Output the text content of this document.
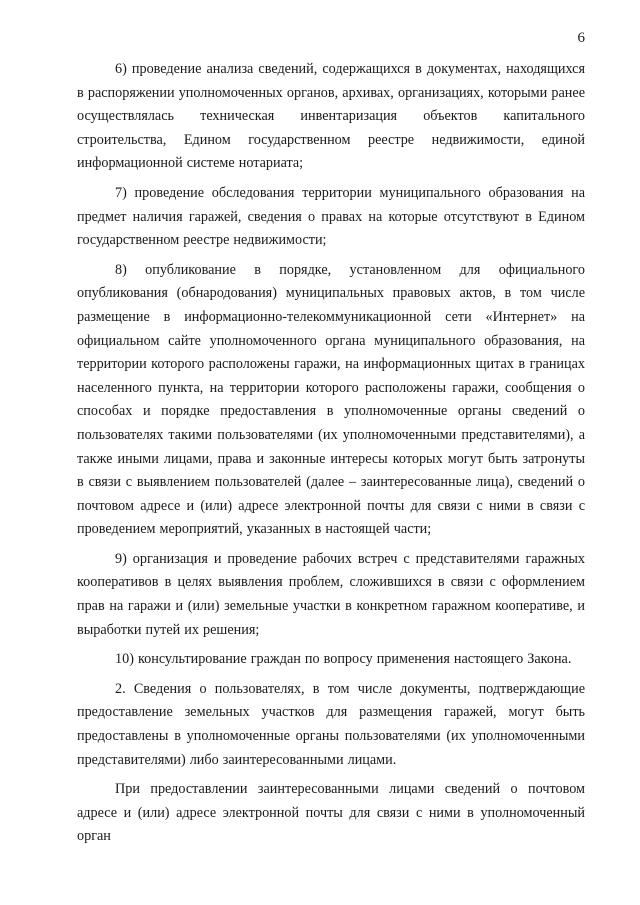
6

6) проведение анализа сведений, содержащихся в документах, находящихся в распоряжении уполномоченных органов, архивах, организациях, которыми ранее осуществлялась техническая инвентаризация объектов капитального строительства, Едином государственном реестре недвижимости, единой информационной системе нотариата;

7) проведение обследования территории муниципального образования на предмет наличия гаражей, сведения о правах на которые отсутствуют в Едином государственном реестре недвижимости;

8) опубликование в порядке, установленном для официального опубликования (обнародования) муниципальных правовых актов, в том числе размещение в информационно-телекоммуникационной сети «Интернет» на официальном сайте уполномоченного органа муниципального образования, на территории которого расположены гаражи, на информационных щитах в границах населенного пункта, на территории которого расположены гаражи, сообщения о способах и порядке предоставления в уполномоченные органы сведений о пользователях такими пользователями (их уполномоченными представителями), а также иными лицами, права и законные интересы которых могут быть затронуты в связи с выявлением пользователей (далее – заинтересованные лица), сведений о почтовом адресе и (или) адресе электронной почты для связи с ними в связи с проведением мероприятий, указанных в настоящей части;

9) организация и проведение рабочих встреч с представителями гаражных кооперативов в целях выявления проблем, сложившихся в связи с оформлением прав на гаражи и (или) земельные участки в конкретном гаражном кооперативе, и выработки путей их решения;

10) консультирование граждан по вопросу применения настоящего Закона.

2. Сведения о пользователях, в том числе документы, подтверждающие предоставление земельных участков для размещения гаражей, могут быть предоставлены в уполномоченные органы пользователями (их уполномоченными представителями) либо заинтересованными лицами.

При предоставлении заинтересованными лицами сведений о почтовом адресе и (или) адресе электронной почты для связи с ними в уполномоченный орган
